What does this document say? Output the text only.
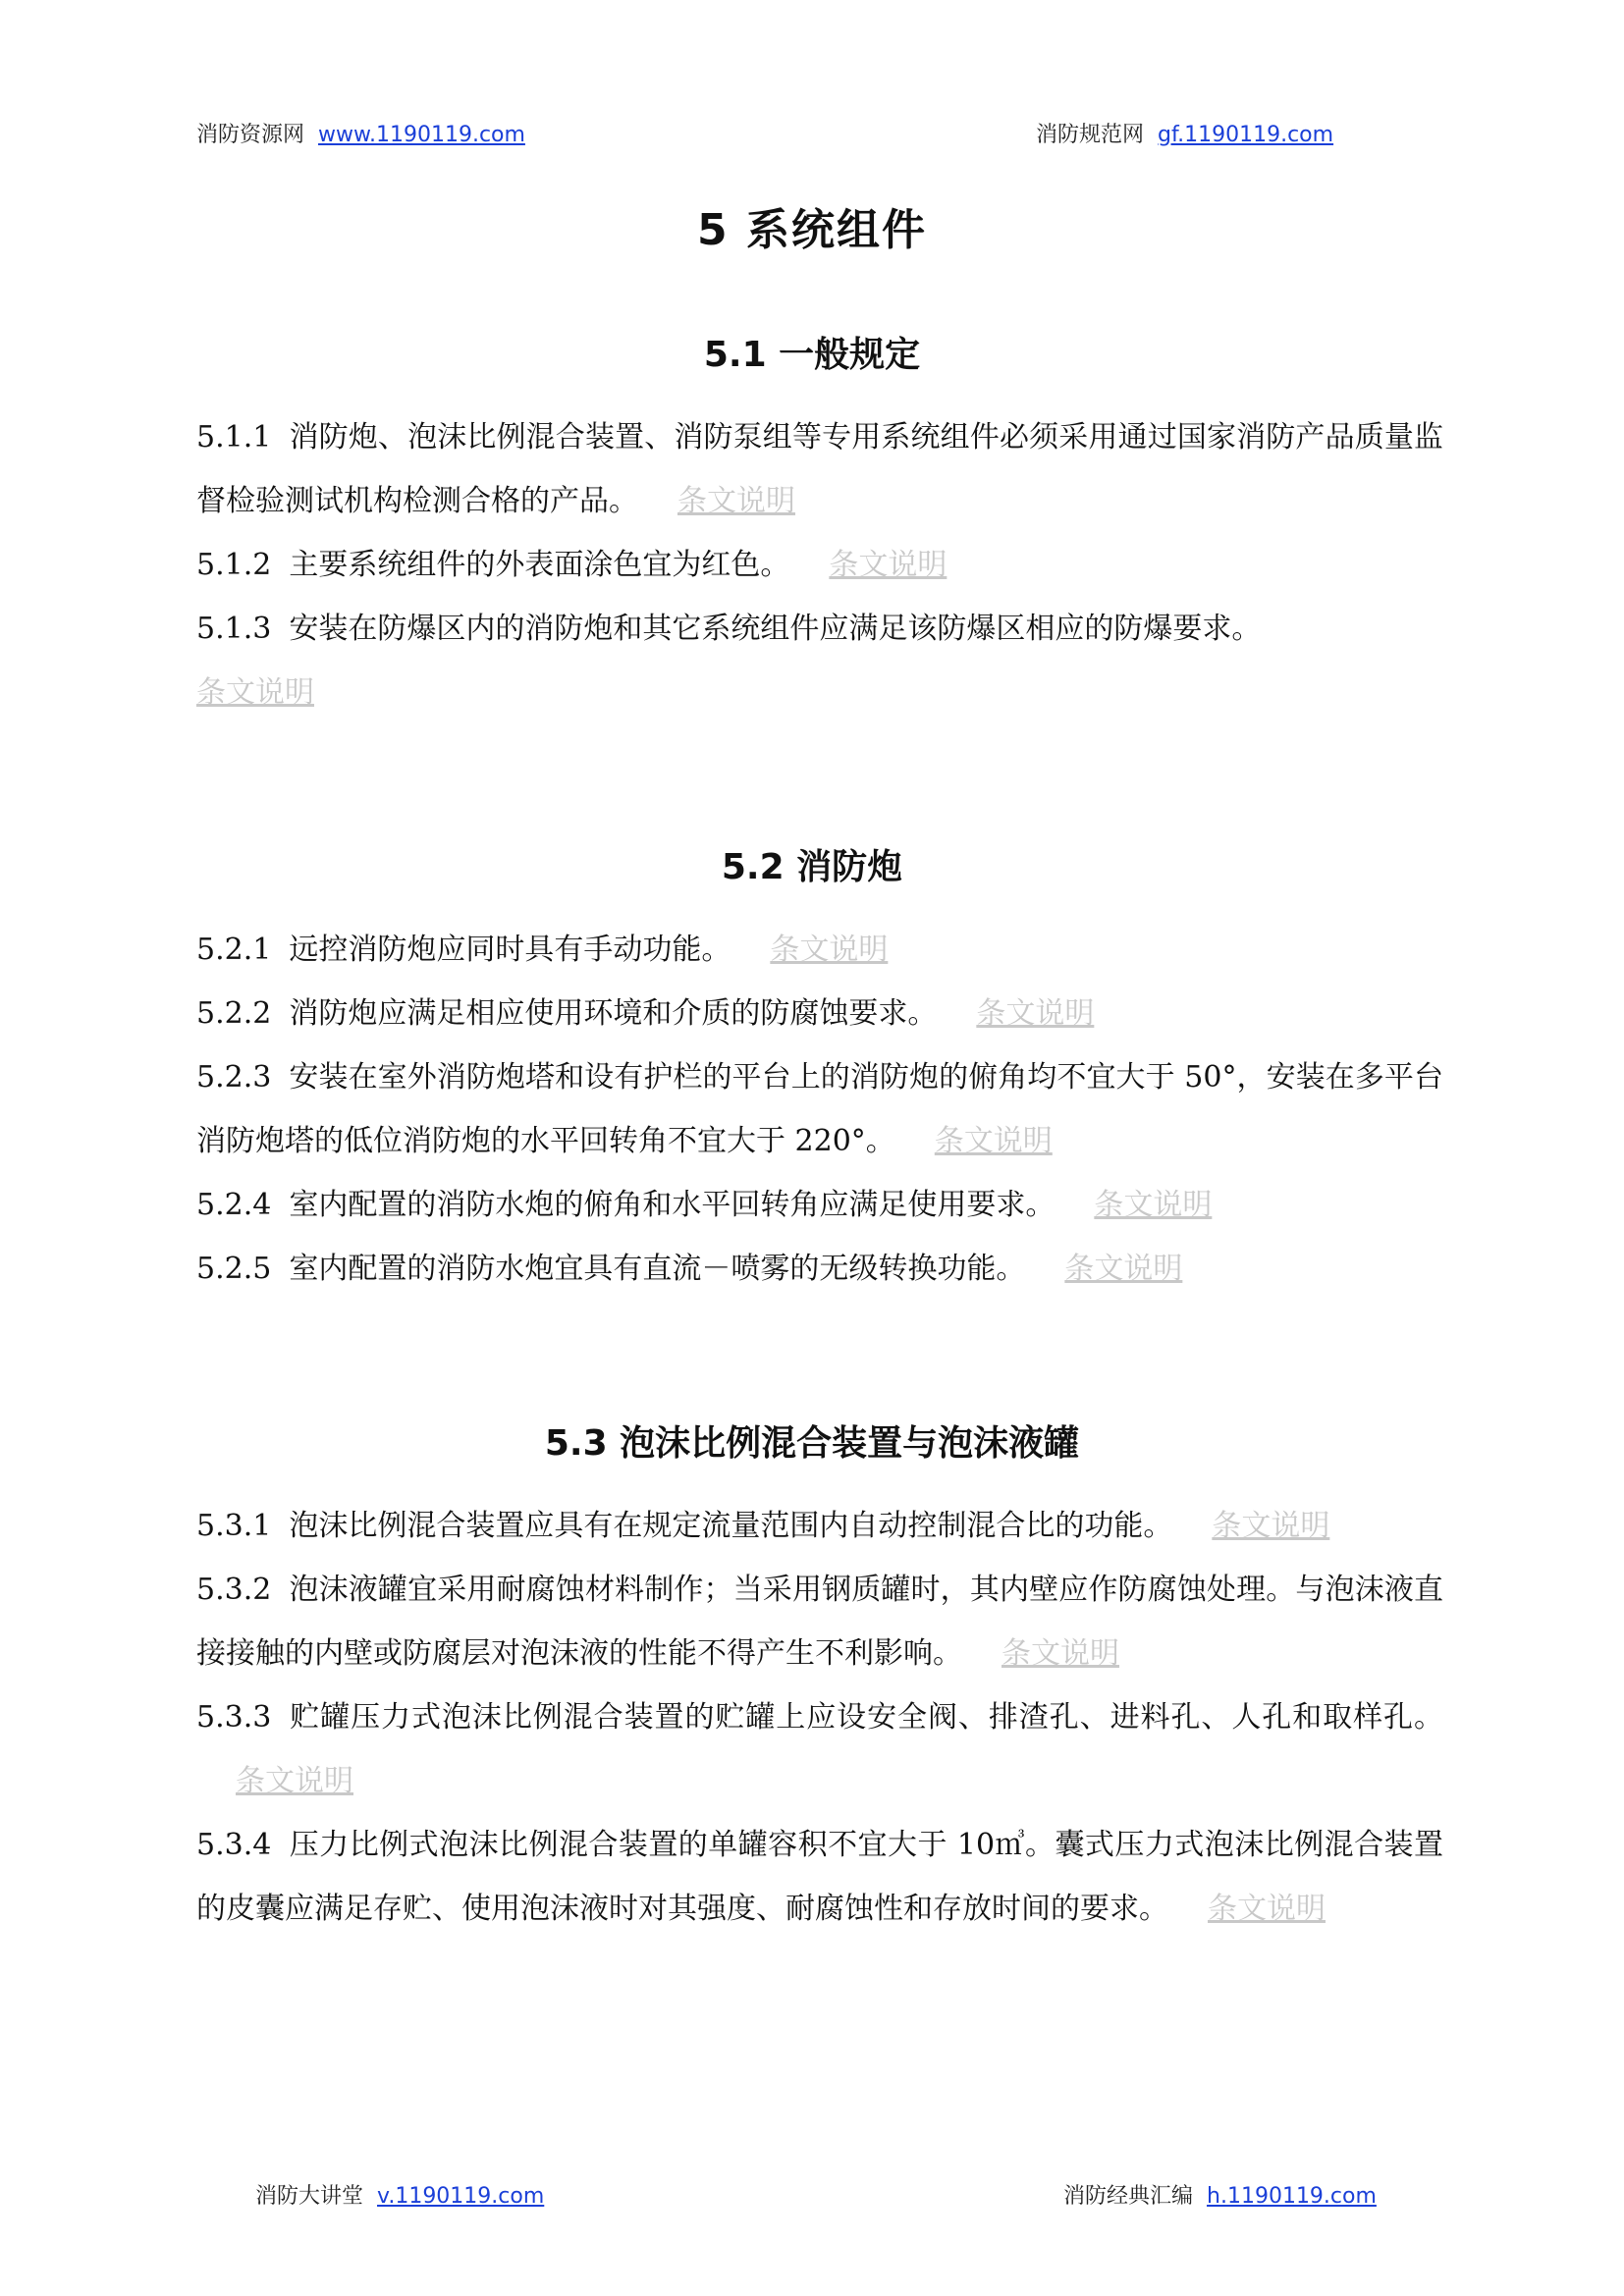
消防资源网 www.1190119.com	消防规范网 gf.1190119.com
5 系统组件
5.1 一般规定
5.1.1 消防炮、泡沫比例混合装置、消防泵组等专用系统组件必须采用通过国家消防产品质量监督检验测试机构检测合格的产品。 条文说明
5.1.2 主要系统组件的外表面涂色宜为红色。 条文说明
5.1.3 安装在防爆区内的消防炮和其它系统组件应满足该防爆区相应的防爆要求。
条文说明
5.2 消防炮
5.2.1 远控消防炮应同时具有手动功能。 条文说明
5.2.2 消防炮应满足相应使用环境和介质的防腐蚀要求。 条文说明
5.2.3 安装在室外消防炮塔和设有护栏的平台上的消防炮的俯角均不宜大于 50°，安装在多平台消防炮塔的低位消防炮的水平回转角不宜大于 220°。 条文说明
5.2.4 室内配置的消防水炮的俯角和水平回转角应满足使用要求。 条文说明
5.2.5 室内配置的消防水炮宜具有直流－喷雾的无级转换功能。 条文说明
5.3 泡沫比例混合装置与泡沫液罐
5.3.1 泡沫比例混合装置应具有在规定流量范围内自动控制混合比的功能。 条文说明
5.3.2 泡沫液罐宜采用耐腐蚀材料制作；当采用钢质罐时，其内壁应作防腐蚀处理。与泡沫液直接接触的内壁或防腐层对泡沫液的性能不得产生不利影响。 条文说明
5.3.3 贮罐压力式泡沫比例混合装置的贮罐上应设安全阀、排渣孔、进料孔、人孔和取样孔。条文说明
5.3.4 压力比例式泡沫比例混合装置的单罐容积不宜大于 10㎥。囊式压力式泡沫比例混合装置的皮囊应满足存贮、使用泡沫液时对其强度、耐腐蚀性和存放时间的要求。 条文说明
消防大讲堂 v.1190119.com	消防经典汇编 h.1190119.com
